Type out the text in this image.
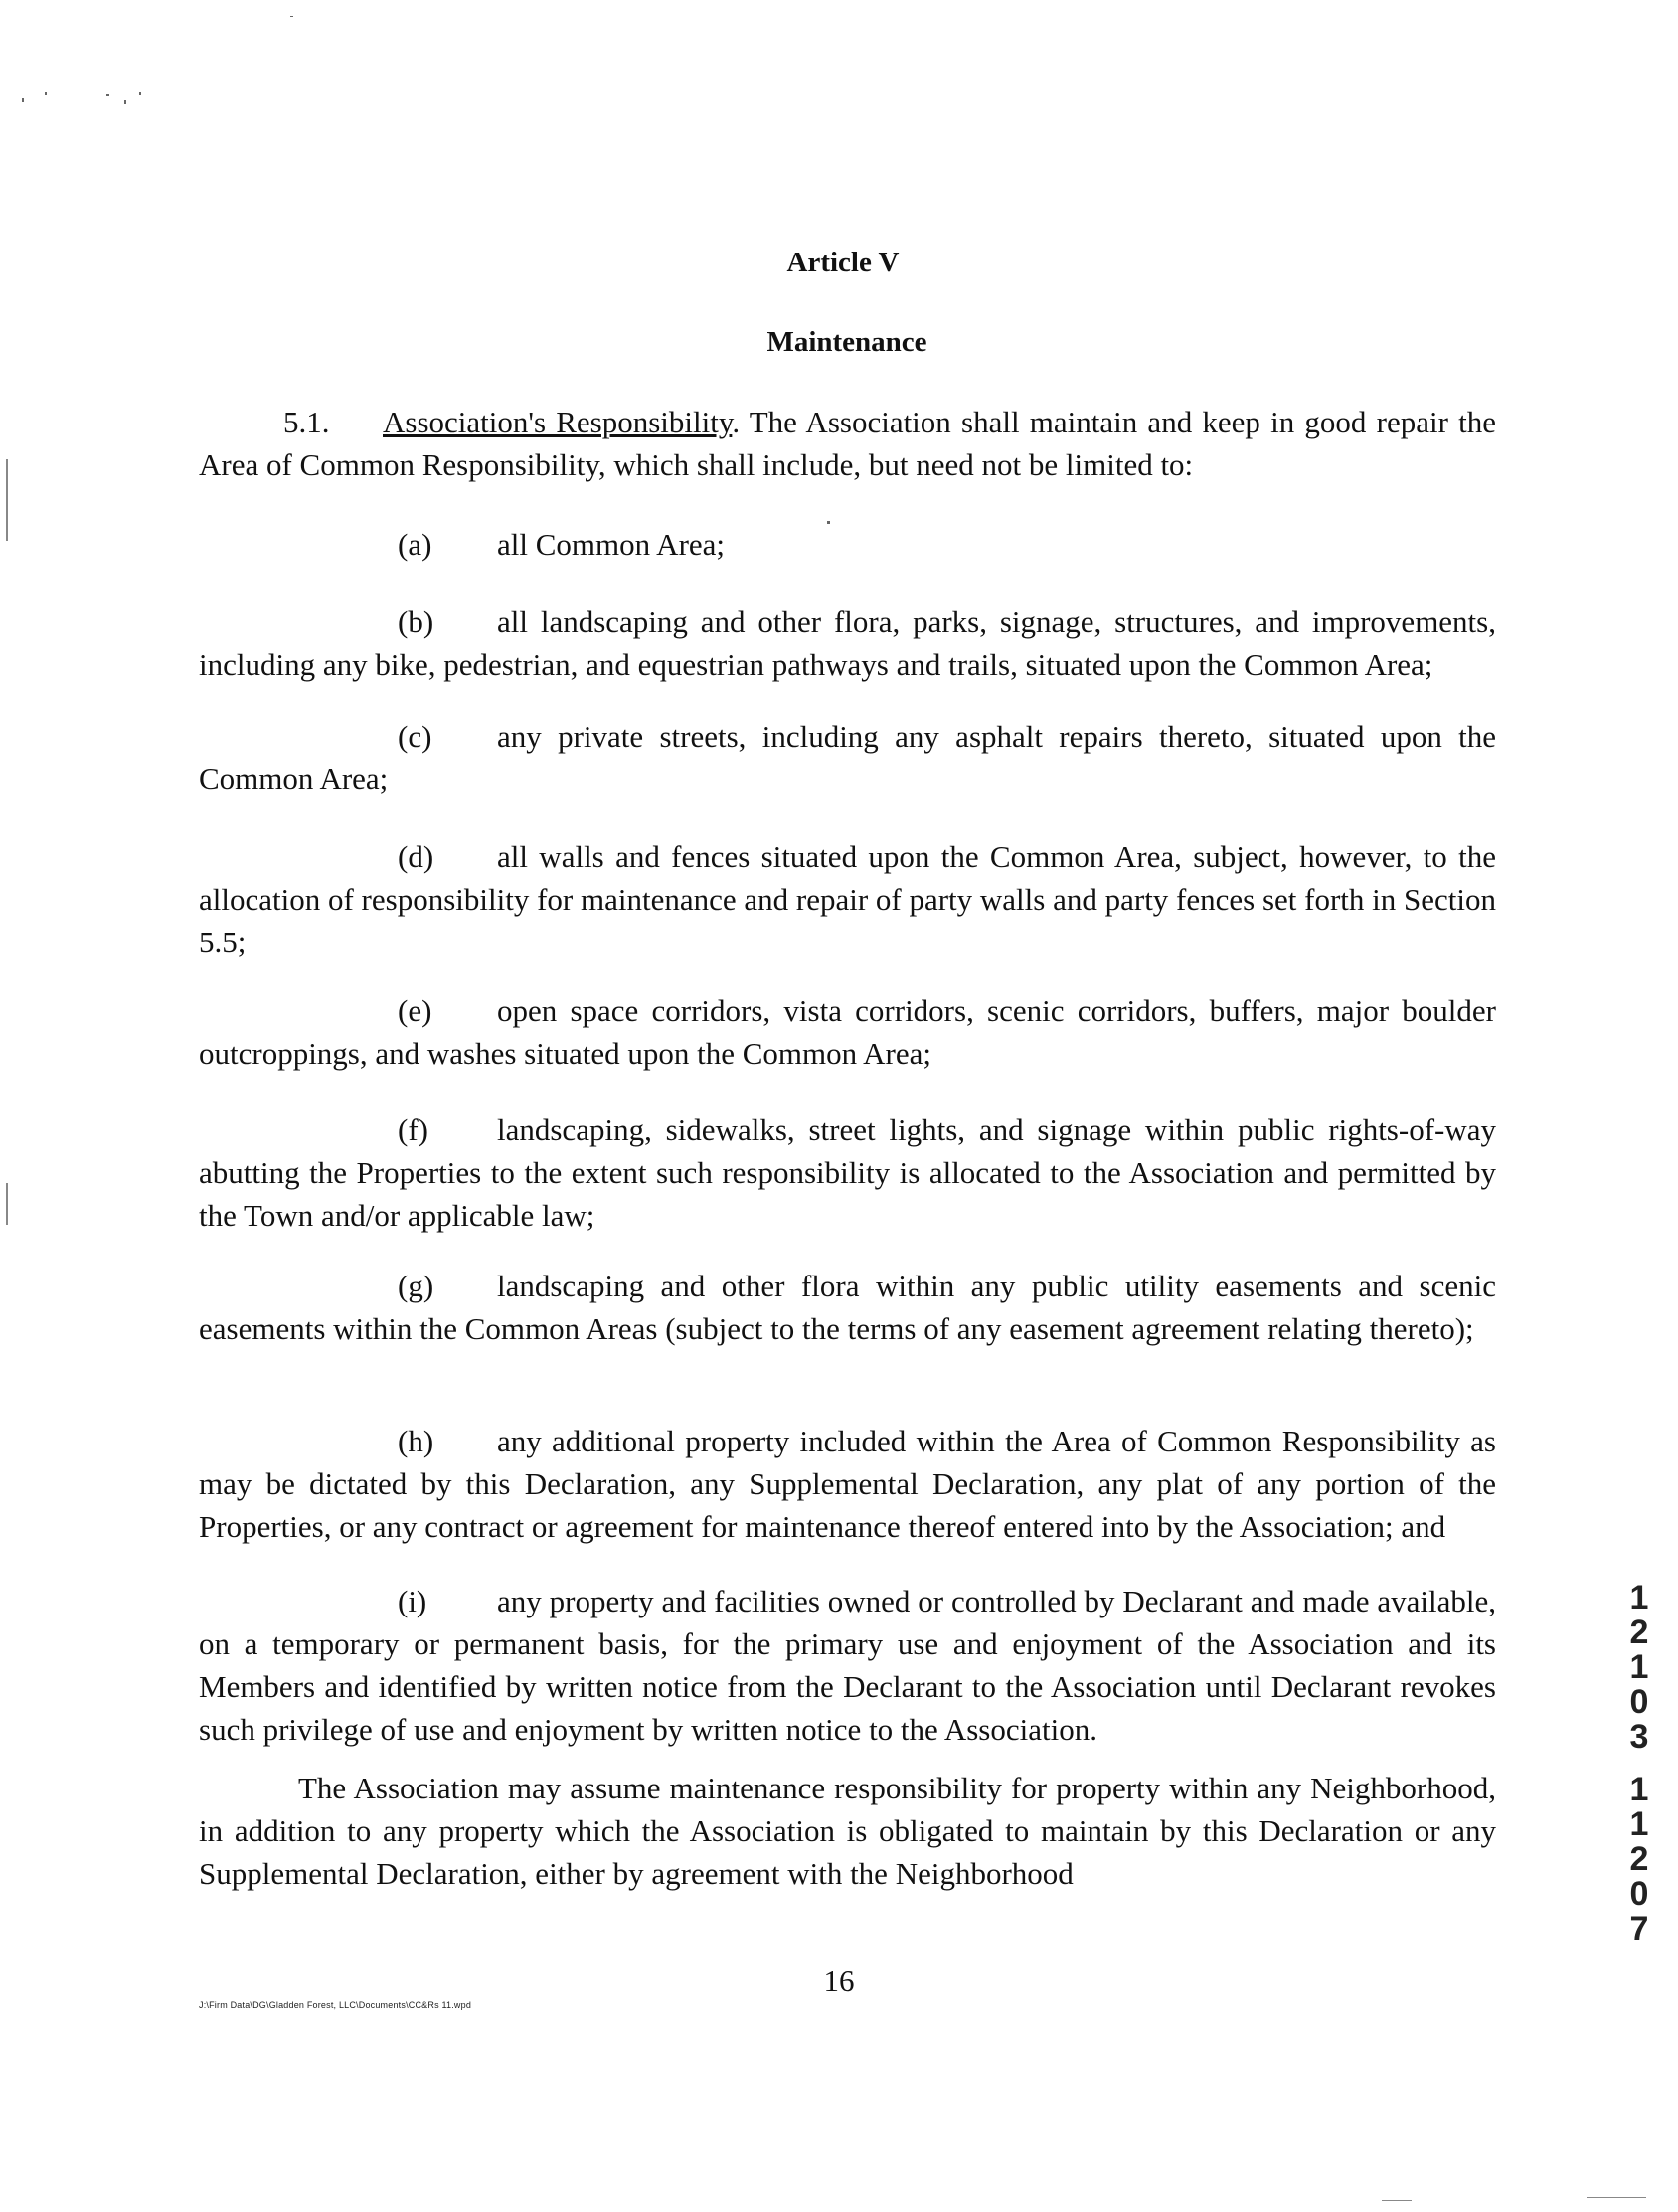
Article V
Maintenance
5.1. Association's Responsibility. The Association shall maintain and keep in good repair the Area of Common Responsibility, which shall include, but need not be limited to:
(a) all Common Area;
(b) all landscaping and other flora, parks, signage, structures, and improvements, including any bike, pedestrian, and equestrian pathways and trails, situated upon the Common Area;
(c) any private streets, including any asphalt repairs thereto, situated upon the Common Area;
(d) all walls and fences situated upon the Common Area, subject, however, to the allocation of responsibility for maintenance and repair of party walls and party fences set forth in Section 5.5;
(e) open space corridors, vista corridors, scenic corridors, buffers, major boulder outcroppings, and washes situated upon the Common Area;
(f) landscaping, sidewalks, street lights, and signage within public rights-of-way abutting the Properties to the extent such responsibility is allocated to the Association and permitted by the Town and/or applicable law;
(g) landscaping and other flora within any public utility easements and scenic easements within the Common Areas (subject to the terms of any easement agreement relating thereto);
(h) any additional property included within the Area of Common Responsibility as may be dictated by this Declaration, any Supplemental Declaration, any plat of any portion of the Properties, or any contract or agreement for maintenance thereof entered into by the Association; and
(i) any property and facilities owned or controlled by Declarant and made available, on a temporary or permanent basis, for the primary use and enjoyment of the Association and its Members and identified by written notice from the Declarant to the Association until Declarant revokes such privilege of use and enjoyment by written notice to the Association.
The Association may assume maintenance responsibility for property within any Neighborhood, in addition to any property which the Association is obligated to maintain by this Declaration or any Supplemental Declaration, either by agreement with the Neighborhood
16
J:\Firm Data\DG\Gladden Forest, LLC\Documents\CC&Rs 11.wpd
1
2
1
0
3
1
1
2
0
7
